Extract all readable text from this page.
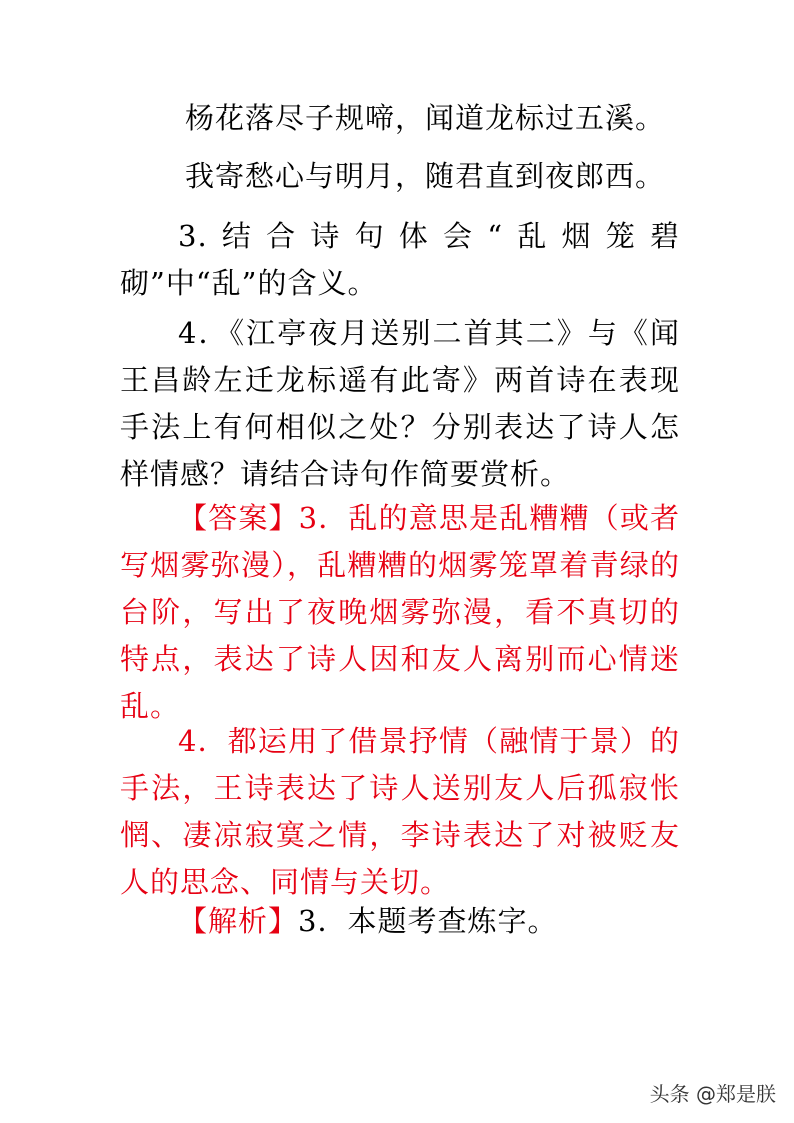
杨花落尽子规啼，闻道龙标过五溪。

我寄愁心与明月，随君直到夜郎西。

3.结合诗句体会“乱烟笼碧砌”中“乱”的含义。

4．《江亭夜月送别二首其二》与《闻王昌龄左迁龙标遥有此寄》两首诗在表现手法上有何相似之处？分别表达了诗人怎样情感？请结合诗句作简要赏析。

【答案】3．乱的意思是乱糟糟（或者写烟雾弥漫），乱糟糟的烟雾笼罩着青绿的台阶，写出了夜晚烟雾弥漫，看不真切的特点，表达了诗人因和友人离别而心情迷乱。

4．都运用了借景抒情（融情于景）的手法，王诗表达了诗人送别友人后孤寂怅惘、凄凉寂寞之情，李诗表达了对被贬友人的思念、同情与关切。

【解析】3．本题考查炼字。

头条 @郑是朕
